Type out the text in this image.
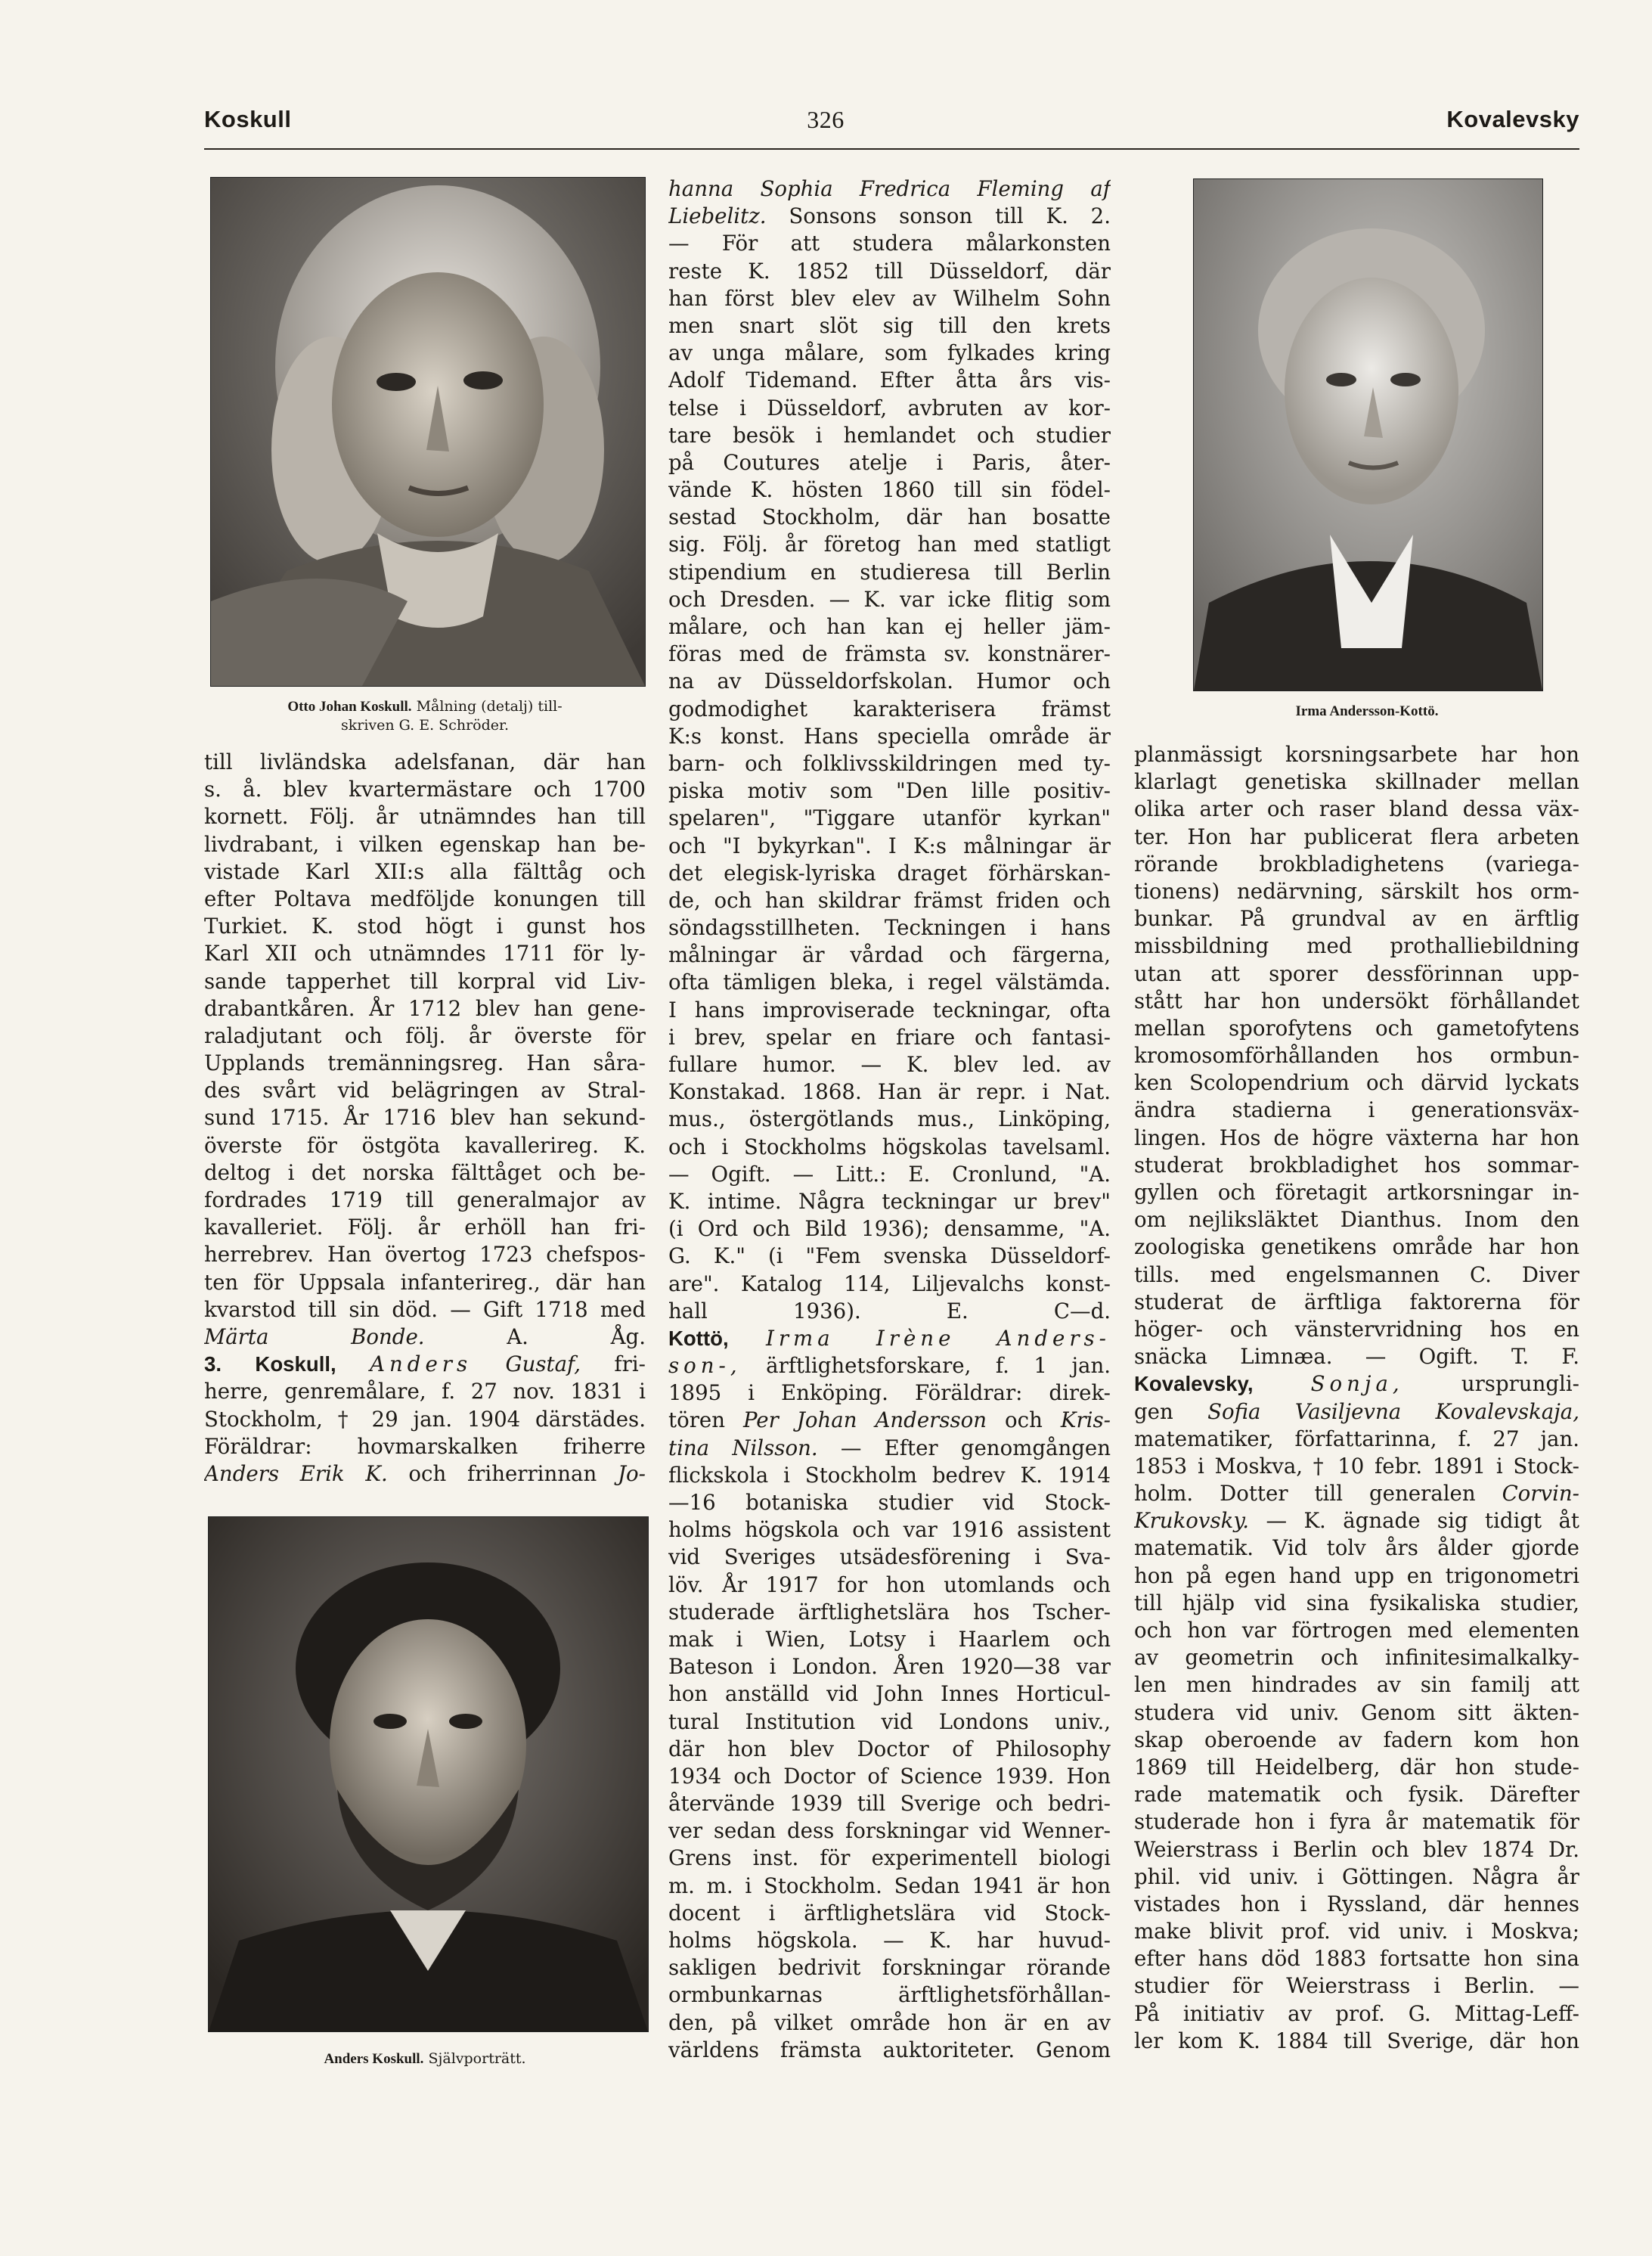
Koskull	326	Kovalevsky
Otto Johan Koskull. Målning (detalj) till-
skriven G. E. Schröder.
Anders Koskull. Självporträtt.
Irma Andersson-Kottö.
till livländska adelsfanan, där han
s. å. blev kvartermästare och 1700
kornett. Följ. år utnämndes han till
livdrabant, i vilken egenskap han be-
vistade Karl XII:s alla fälttåg och
efter Poltava medföljde konungen till
Turkiet. K. stod högt i gunst hos
Karl XII och utnämndes 1711 för ly-
sande tapperhet till korpral vid Liv-
drabantkåren. År 1712 blev han gene-
raladjutant och följ. år överste för
Upplands tremänningsreg. Han såra-
des svårt vid belägringen av Stral-
sund 1715. År 1716 blev han sekund-
överste för östgöta kavallerireg. K.
deltog i det norska fälttåget och be-
fordrades 1719 till generalmajor av
kavalleriet. Följ. år erhöll han fri-
herrebrev. Han övertog 1723 chefspos-
ten för Uppsala infanterireg., där han
kvarstod till sin död. — Gift 1718 med
Märta Bonde.	A. Åg.
3. Koskull, Anders Gustaf, fri-
herre, genremålare, f. 27 nov. 1831 i
Stockholm, † 29 jan. 1904 därstädes.
Föräldrar: hovmarskalken friherre
Anders Erik K. och friherrinnan Jo-
hanna Sophia Fredrica Fleming af
Liebelitz. Sonsons sonson till K. 2.
— För att studera målarkonsten
reste K. 1852 till Düsseldorf, där
han först blev elev av Wilhelm Sohn
men snart slöt sig till den krets
av unga målare, som fylkades kring
Adolf Tidemand. Efter åtta års vis-
telse i Düsseldorf, avbruten av kor-
tare besök i hemlandet och studier
på Coutures atelje i Paris, åter-
vände K. hösten 1860 till sin födel-
sestad Stockholm, där han bosatte
sig. Följ. år företog han med statligt
stipendium en studieresa till Berlin
och Dresden. — K. var icke flitig som
målare, och han kan ej heller jäm-
föras med de främsta sv. konstnärer-
na av Düsseldorfskolan. Humor och
godmodighet karakterisera främst
K:s konst. Hans speciella område är
barn- och folklivsskildringen med ty-
piska motiv som "Den lille positiv-
spelaren", "Tiggare utanför kyrkan"
och "I bykyrkan". I K:s målningar är
det elegisk-lyriska draget förhärskan-
de, och han skildrar främst friden och
söndagsstillheten. Teckningen i hans
målningar är vårdad och färgerna,
ofta tämligen bleka, i regel välstämda.
I hans improviserade teckningar, ofta
i brev, spelar en friare och fantasi-
fullare humor. — K. blev led. av
Konstakad. 1868. Han är repr. i Nat.
mus., östergötlands mus., Linköping,
och i Stockholms högskolas tavelsaml.
— Ogift. — Litt.: E. Cronlund, "A.
K. intime. Några teckningar ur brev"
(i Ord och Bild 1936); densamme, "A.
G. K." (i "Fem svenska Düsseldorf-
are". Katalog 114, Liljevalchs konst-
hall 1936).	E. C—d.
Kottö, Irma Irène Anders-
son-, ärftlighetsforskare, f. 1 jan.
1895 i Enköping. Föräldrar: direk-
tören Per Johan Andersson och Kris-
tina Nilsson. — Efter genomgången
flickskola i Stockholm bedrev K. 1914
—16 botaniska studier vid Stock-
holms högskola och var 1916 assistent
vid Sveriges utsädesförening i Sva-
löv. År 1917 for hon utomlands och
studerade ärftlighetslära hos Tscher-
mak i Wien, Lotsy i Haarlem och
Bateson i London. Åren 1920—38 var
hon anställd vid John Innes Horticul-
tural Institution vid Londons univ.,
där hon blev Doctor of Philosophy
1934 och Doctor of Science 1939. Hon
återvände 1939 till Sverige och bedri-
ver sedan dess forskningar vid Wenner-
Grens inst. för experimentell biologi
m. m. i Stockholm. Sedan 1941 är hon
docent i ärftlighetslära vid Stock-
holms högskola. — K. har huvud-
sakligen bedrivit forskningar rörande
ormbunkarnas ärftlighetsförhållan-
den, på vilket område hon är en av
världens främsta auktoriteter. Genom
planmässigt korsningsarbete har hon
klarlagt genetiska skillnader mellan
olika arter och raser bland dessa väx-
ter. Hon har publicerat flera arbeten
rörande brokbladighetens (variega-
tionens) nedärvning, särskilt hos orm-
bunkar. På grundval av en ärftlig
missbildning med prothalliebildning
utan att sporer dessförinnan upp-
stått har hon undersökt förhållandet
mellan sporofytens och gametofytens
kromosomförhållanden hos ormbun-
ken Scolopendrium och därvid lyckats
ändra stadierna i generationsväx-
lingen. Hos de högre växterna har hon
studerat brokbladighet hos sommar-
gyllen och företagit artkorsningar in-
om nejliksläktet Dianthus. Inom den
zoologiska genetikens område har hon
tills. med engelsmannen C. Diver
studerat de ärftliga faktorerna för
höger- och vänstervridning hos en
snäcka Limnæa. — Ogift. T. F.
Kovalevsky,	Sonja,	ursprungli-
gen Sofia Vasiljevna Kovalevskaja,
matematiker, författarinna, f. 27 jan.
1853 i Moskva, † 10 febr. 1891 i Stock-
holm. Dotter till generalen Corvin-
Krukovsky. — K. ägnade sig tidigt åt
matematik. Vid tolv års ålder gjorde
hon på egen hand upp en trigonometri
till hjälp vid sina fysikaliska studier,
och hon var förtrogen med elementen
av geometrin och infinitesimalkalky-
len men hindrades av sin familj att
studera vid univ. Genom sitt äkten-
skap oberoende av fadern kom hon
1869 till Heidelberg, där hon stude-
rade matematik och fysik. Därefter
studerade hon i fyra år matematik för
Weierstrass i Berlin och blev 1874 Dr.
phil. vid univ. i Göttingen. Några år
vistades hon i Ryssland, där hennes
make blivit prof. vid univ. i Moskva;
efter hans död 1883 fortsatte hon sina
studier för Weierstrass i Berlin. —
På initiativ av prof. G. Mittag-Leff-
ler kom K. 1884 till Sverige, där hon
